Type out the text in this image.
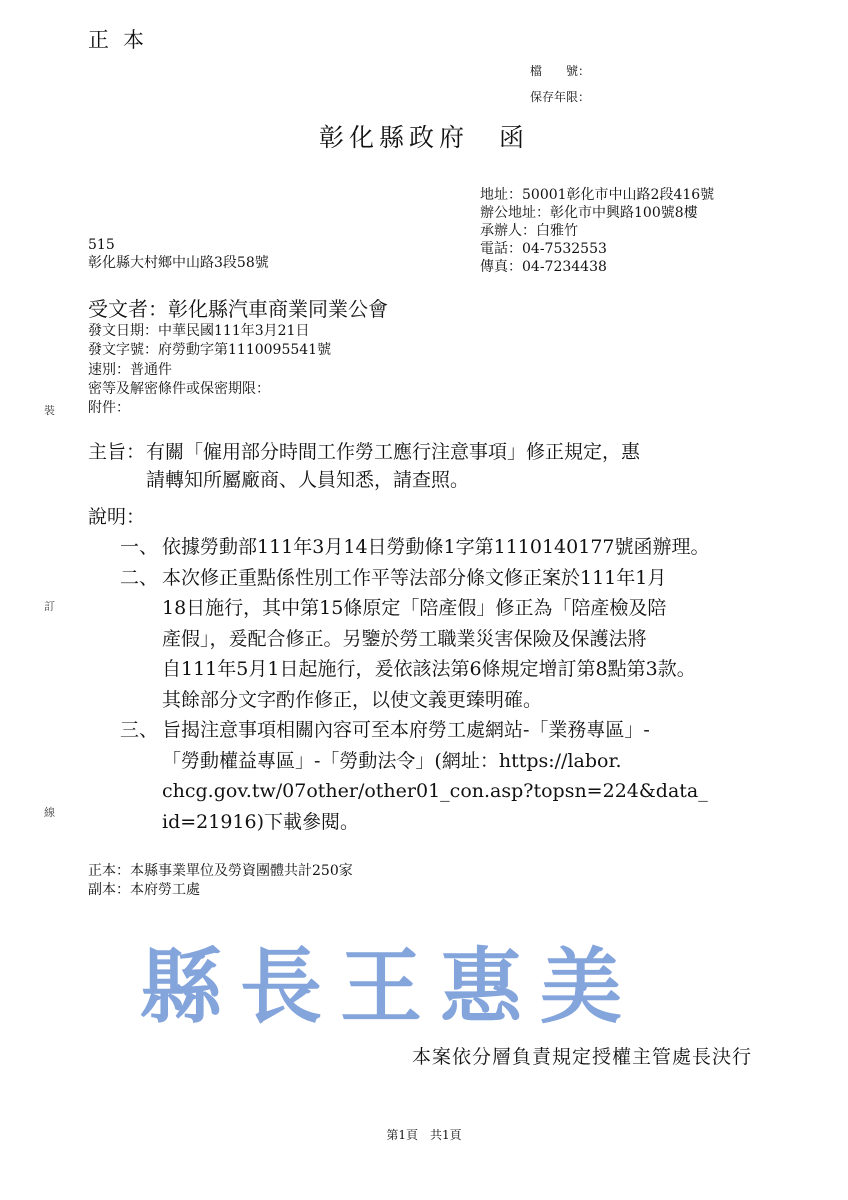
正本
檔　　號：
保存年限：
彰化縣政府 函
地址：50001彰化市中山路2段416號
辦公地址：彰化市中興路100號8樓
承辦人：白雅竹
電話：04-7532553
傳真：04-7234438
515
彰化縣大村鄉中山路3段58號
受文者：彰化縣汽車商業同業公會
發文日期：中華民國111年3月21日
發文字號：府勞動字第1110095541號
速別：普通件
密等及解密條件或保密期限：
附件：
裝
訂
線
主旨：有關「僱用部分時間工作勞工應行注意事項」修正規定，惠
請轉知所屬廠商、人員知悉，請查照。
說明：
一、 依據勞動部111年3月14日勞動條1字第1110140177號函辦理。
二、 本次修正重點係性別工作平等法部分條文修正案於111年1月
18日施行，其中第15條原定「陪產假」修正為「陪產檢及陪
產假」，爰配合修正。另鑒於勞工職業災害保險及保護法將
自111年5月1日起施行，爰依該法第6條規定增訂第8點第3款。
其餘部分文字酌作修正，以使文義更臻明確。
三、 旨揭注意事項相關內容可至本府勞工處網站-「業務專區」-
「勞動權益專區」-「勞動法令」(網址：https://labor.
chcg.gov.tw/07other/other01_con.asp?topsn=224&data_
id=21916)下載參閱。
正本：本縣事業單位及勞資團體共計250家
副本：本府勞工處
縣長王惠美
本案依分層負責規定授權主管處長決行
第1頁　共1頁
